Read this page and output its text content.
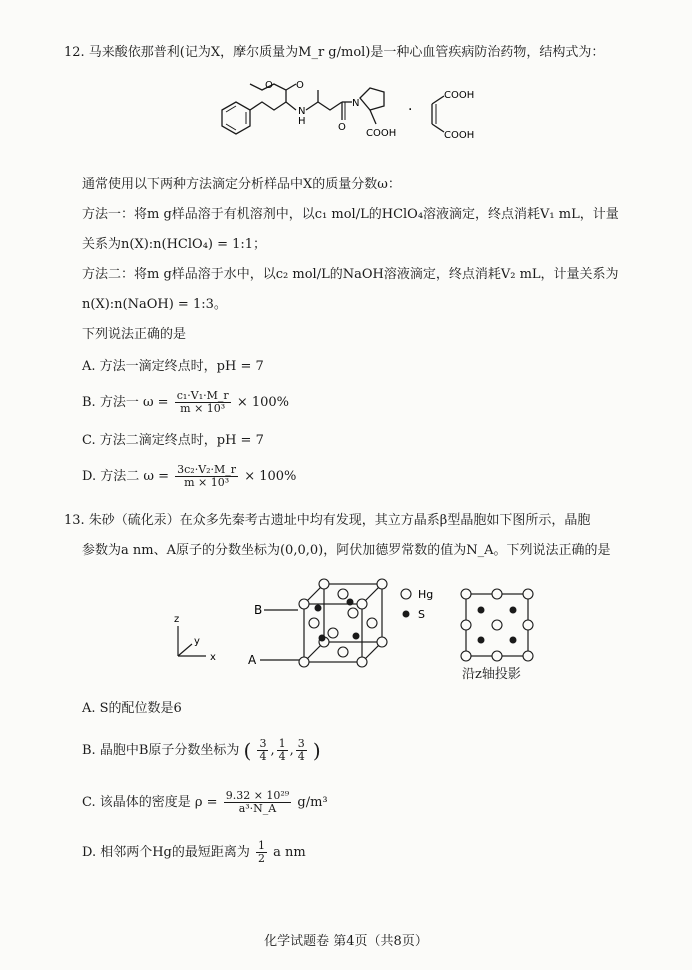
12. 马来酸依那普利(记为X，摩尔质量为M_r g/mol)是一种心血管疾病防治药物，结构式为：
O
O
N
H
O
N
COOH
·
COOH
COOH
通常使用以下两种方法滴定分析样品中X的质量分数ω：
方法一：将m g样品溶于有机溶剂中，以c₁ mol/L的HClO₄溶液滴定，终点消耗V₁ mL，计量
关系为n(X):n(HClO₄) = 1:1；
方法二：将m g样品溶于水中，以c₂ mol/L的NaOH溶液滴定，终点消耗V₂ mL，计量关系为
n(X):n(NaOH) = 1:3。
下列说法正确的是
A. 方法一滴定终点时，pH = 7
B. 方法一 $\omega = \frac{\text{c₁·V₁·M\_r}}{\text{m × 10³}} \times 100\%$
C. 方法二滴定终点时，pH = 7
D. 方法二 $\omega = \frac{\text{3c₂·V₂·M\_r}}{\text{m × 10³}} \times 100\%$
13. 朱砂（硫化汞）在众多先秦考古遗址中均有发现，其立方晶系β型晶胞如下图所示，晶胞
参数为a nm、A原子的分数坐标为(0,0,0)，阿伏加德罗常数的值为N_A。下列说法正确的是
z
y
x
B
A
Hg
S
沿z轴投影
A. S的配位数是6
B. 晶胞中B原子分数坐标为 ( $\frac{3}{4}$ , $\frac{1}{4}$ , $\frac{3}{4}$ )
C. 该晶体的密度是 $\rho = \frac{\text{9.32 × 10²⁹}}{\text{a³·N\_A}} g/m^3$
D. 相邻两个Hg的最短距离为 $\frac{1}{2}$ a nm
化学试题卷 第4页（共8页）
